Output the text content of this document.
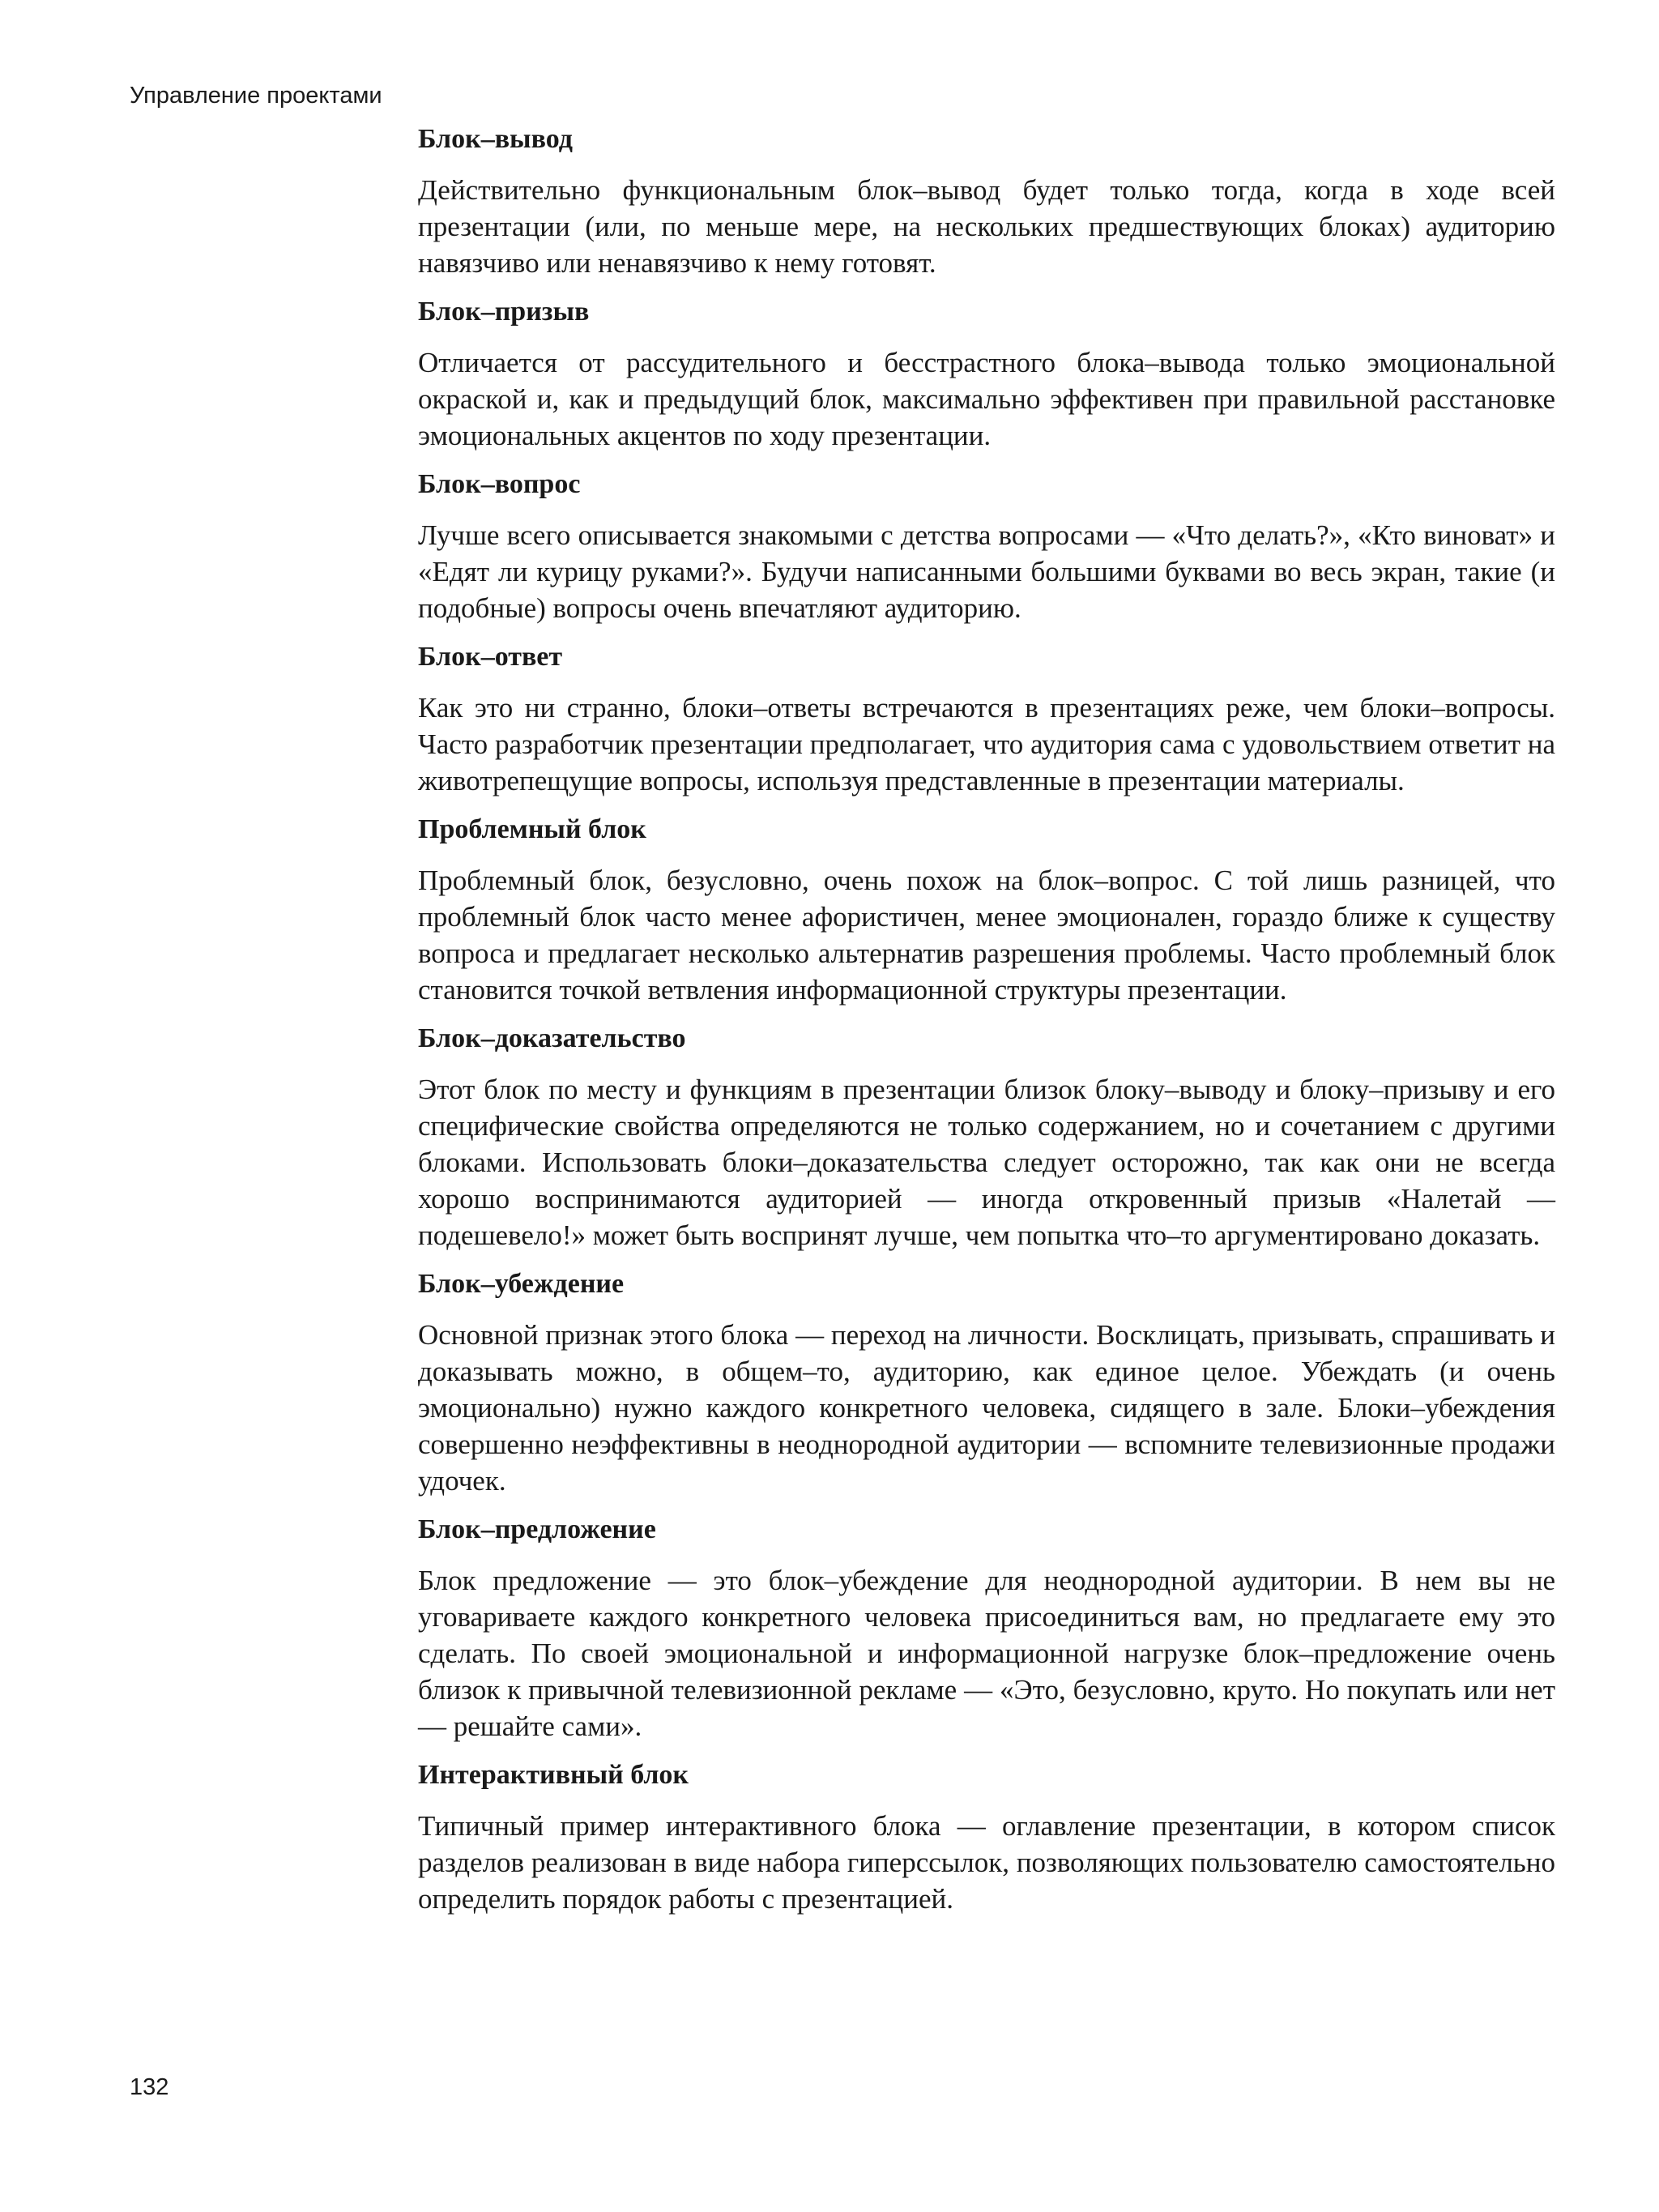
Управление проектами
Блок–вывод

Действительно функциональным блок–вывод будет только тогда, когда в ходе всей презентации (или, по меньше мере, на нескольких предшествующих блоках) аудиторию навязчиво или ненавязчиво к нему готовят.

Блок–призыв

Отличается от рассудительного и бесстрастного блока–вывода только эмоциональной окраской и, как и предыдущий блок, максимально эффективен при правильной расстановке эмоциональных акцентов по ходу презентации.

Блок–вопрос

Лучше всего описывается знакомыми с детства вопросами — «Что делать?», «Кто виноват» и «Едят ли курицу руками?». Будучи написанными большими буквами во весь экран, такие (и подобные) вопросы очень впечатляют аудиторию.

Блок–ответ

Как это ни странно, блоки–ответы встречаются в презентациях реже, чем блоки–вопросы. Часто разработчик презентации предполагает, что аудитория сама с удовольствием ответит на животрепещущие вопросы, используя представленные в презентации материалы.

Проблемный блок

Проблемный блок, безусловно, очень похож на блок–вопрос. С той лишь разницей, что проблемный блок часто менее афористичен, менее эмоционален, гораздо ближе к существу вопроса и предлагает несколько альтернатив разрешения проблемы. Часто проблемный блок становится точкой ветвления информационной структуры презентации.

Блок–доказательство

Этот блок по месту и функциям в презентации близок блоку–выводу и блоку–призыву и его специфические свойства определяются не только содержанием, но и сочетанием с другими блоками. Использовать блоки–доказательства следует осторожно, так как они не всегда хорошо воспринимаются аудиторией — иногда откровенный призыв «Налетай — подешевело!» может быть воспринят лучше, чем попытка что–то аргументировано доказать.

Блок–убеждение

Основной признак этого блока — переход на личности. Восклицать, призывать, спрашивать и доказывать можно, в общем–то, аудиторию, как единое целое. Убеждать (и очень эмоционально) нужно каждого конкретного человека, сидящего в зале. Блоки–убеждения совершенно неэффективны в неоднородной аудитории — вспомните телевизионные продажи удочек.

Блок–предложение

Блок предложение — это блок–убеждение для неоднородной аудитории. В нем вы не уговариваете каждого конкретного человека присоединиться вам, но предлагаете ему это сделать. По своей эмоциональной и информационной нагрузке блок–предложение очень близок к привычной телевизионной рекламе — «Это, безусловно, круто. Но покупать или нет — решайте сами».

Интерактивный блок

Типичный пример интерактивного блока — оглавление презентации, в котором список разделов реализован в виде набора гиперссылок, позволяющих пользователю самостоятельно определить порядок работы с презентацией.

132
